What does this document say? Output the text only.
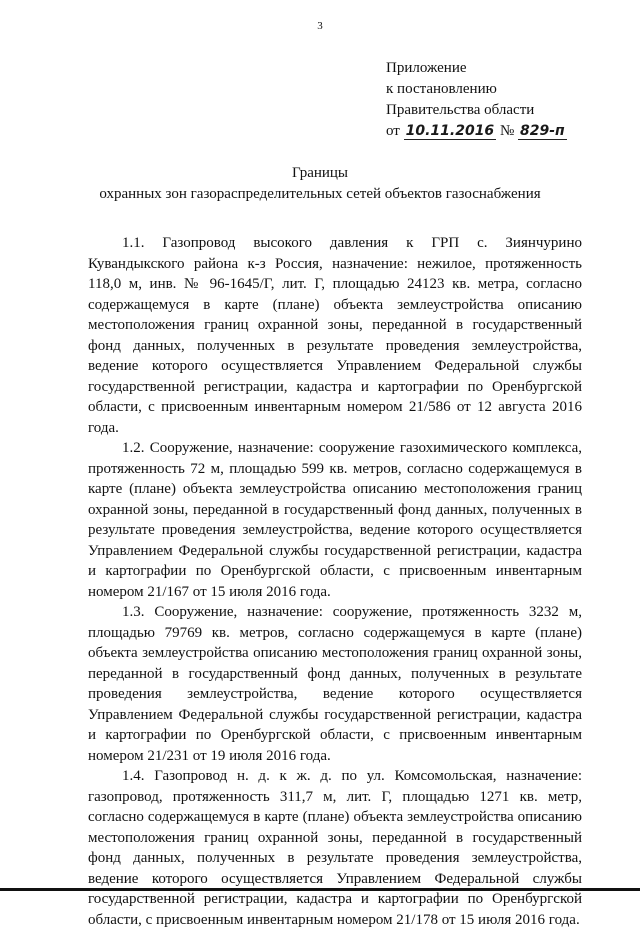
3
Приложение
к постановлению
Правительства области
от 10.11.2016 № 829-п
Границы
охранных зон газораспределительных сетей объектов газоснабжения

1.1. Газопровод высокого давления к ГРП с. Зиянчурино Кувандыкского района к-з Россия, назначение: нежилое, протяженность 118,0 м, инв. № 96-1645/Г, лит. Г, площадью 24123 кв. метра, согласно содержащемуся в карте (плане) объекта землеустройства описанию местоположения границ охранной зоны, переданной в государственный фонд данных, полученных в результате проведения землеустройства, ведение которого осуществляется Управлением Федеральной службы государственной регистрации, кадастра и картографии по Оренбургской области, с присвоенным инвентарным номером 21/586 от 12 августа 2016 года.

1.2. Сооружение, назначение: сооружение газохимического комплекса, протяженность 72 м, площадью 599 кв. метров, согласно содержащемуся в карте (плане) объекта землеустройства описанию местоположения границ охранной зоны, переданной в государственный фонд данных, полученных в результате проведения землеустройства, ведение которого осуществляется Управлением Федеральной службы государственной регистрации, кадастра и картографии по Оренбургской области, с присвоенным инвентарным номером 21/167 от 15 июля 2016 года.

1.3. Сооружение, назначение: сооружение, протяженность 3232 м, площадью 79769 кв. метров, согласно содержащемуся в карте (плане) объекта землеустройства описанию местоположения границ охранной зоны, переданной в государственный фонд данных, полученных в результате проведения землеустройства, ведение которого осуществляется Управлением Федеральной службы государственной регистрации, кадастра и картографии по Оренбургской области, с присвоенным инвентарным номером 21/231 от 19 июля 2016 года.

1.4. Газопровод н. д. к ж. д. по ул. Комсомольская, назначение: газопровод, протяженность 311,7 м, лит. Г, площадью 1271 кв. метр, согласно содержащемуся в карте (плане) объекта землеустройства описанию местоположения границ охранной зоны, переданной в государственный фонд данных, полученных в результате проведения землеустройства, ведение которого осуществляется Управлением Федеральной службы государственной регистрации, кадастра и картографии по Оренбургской области, с присвоенным инвентарным номером 21/178 от 15 июля 2016 года.
